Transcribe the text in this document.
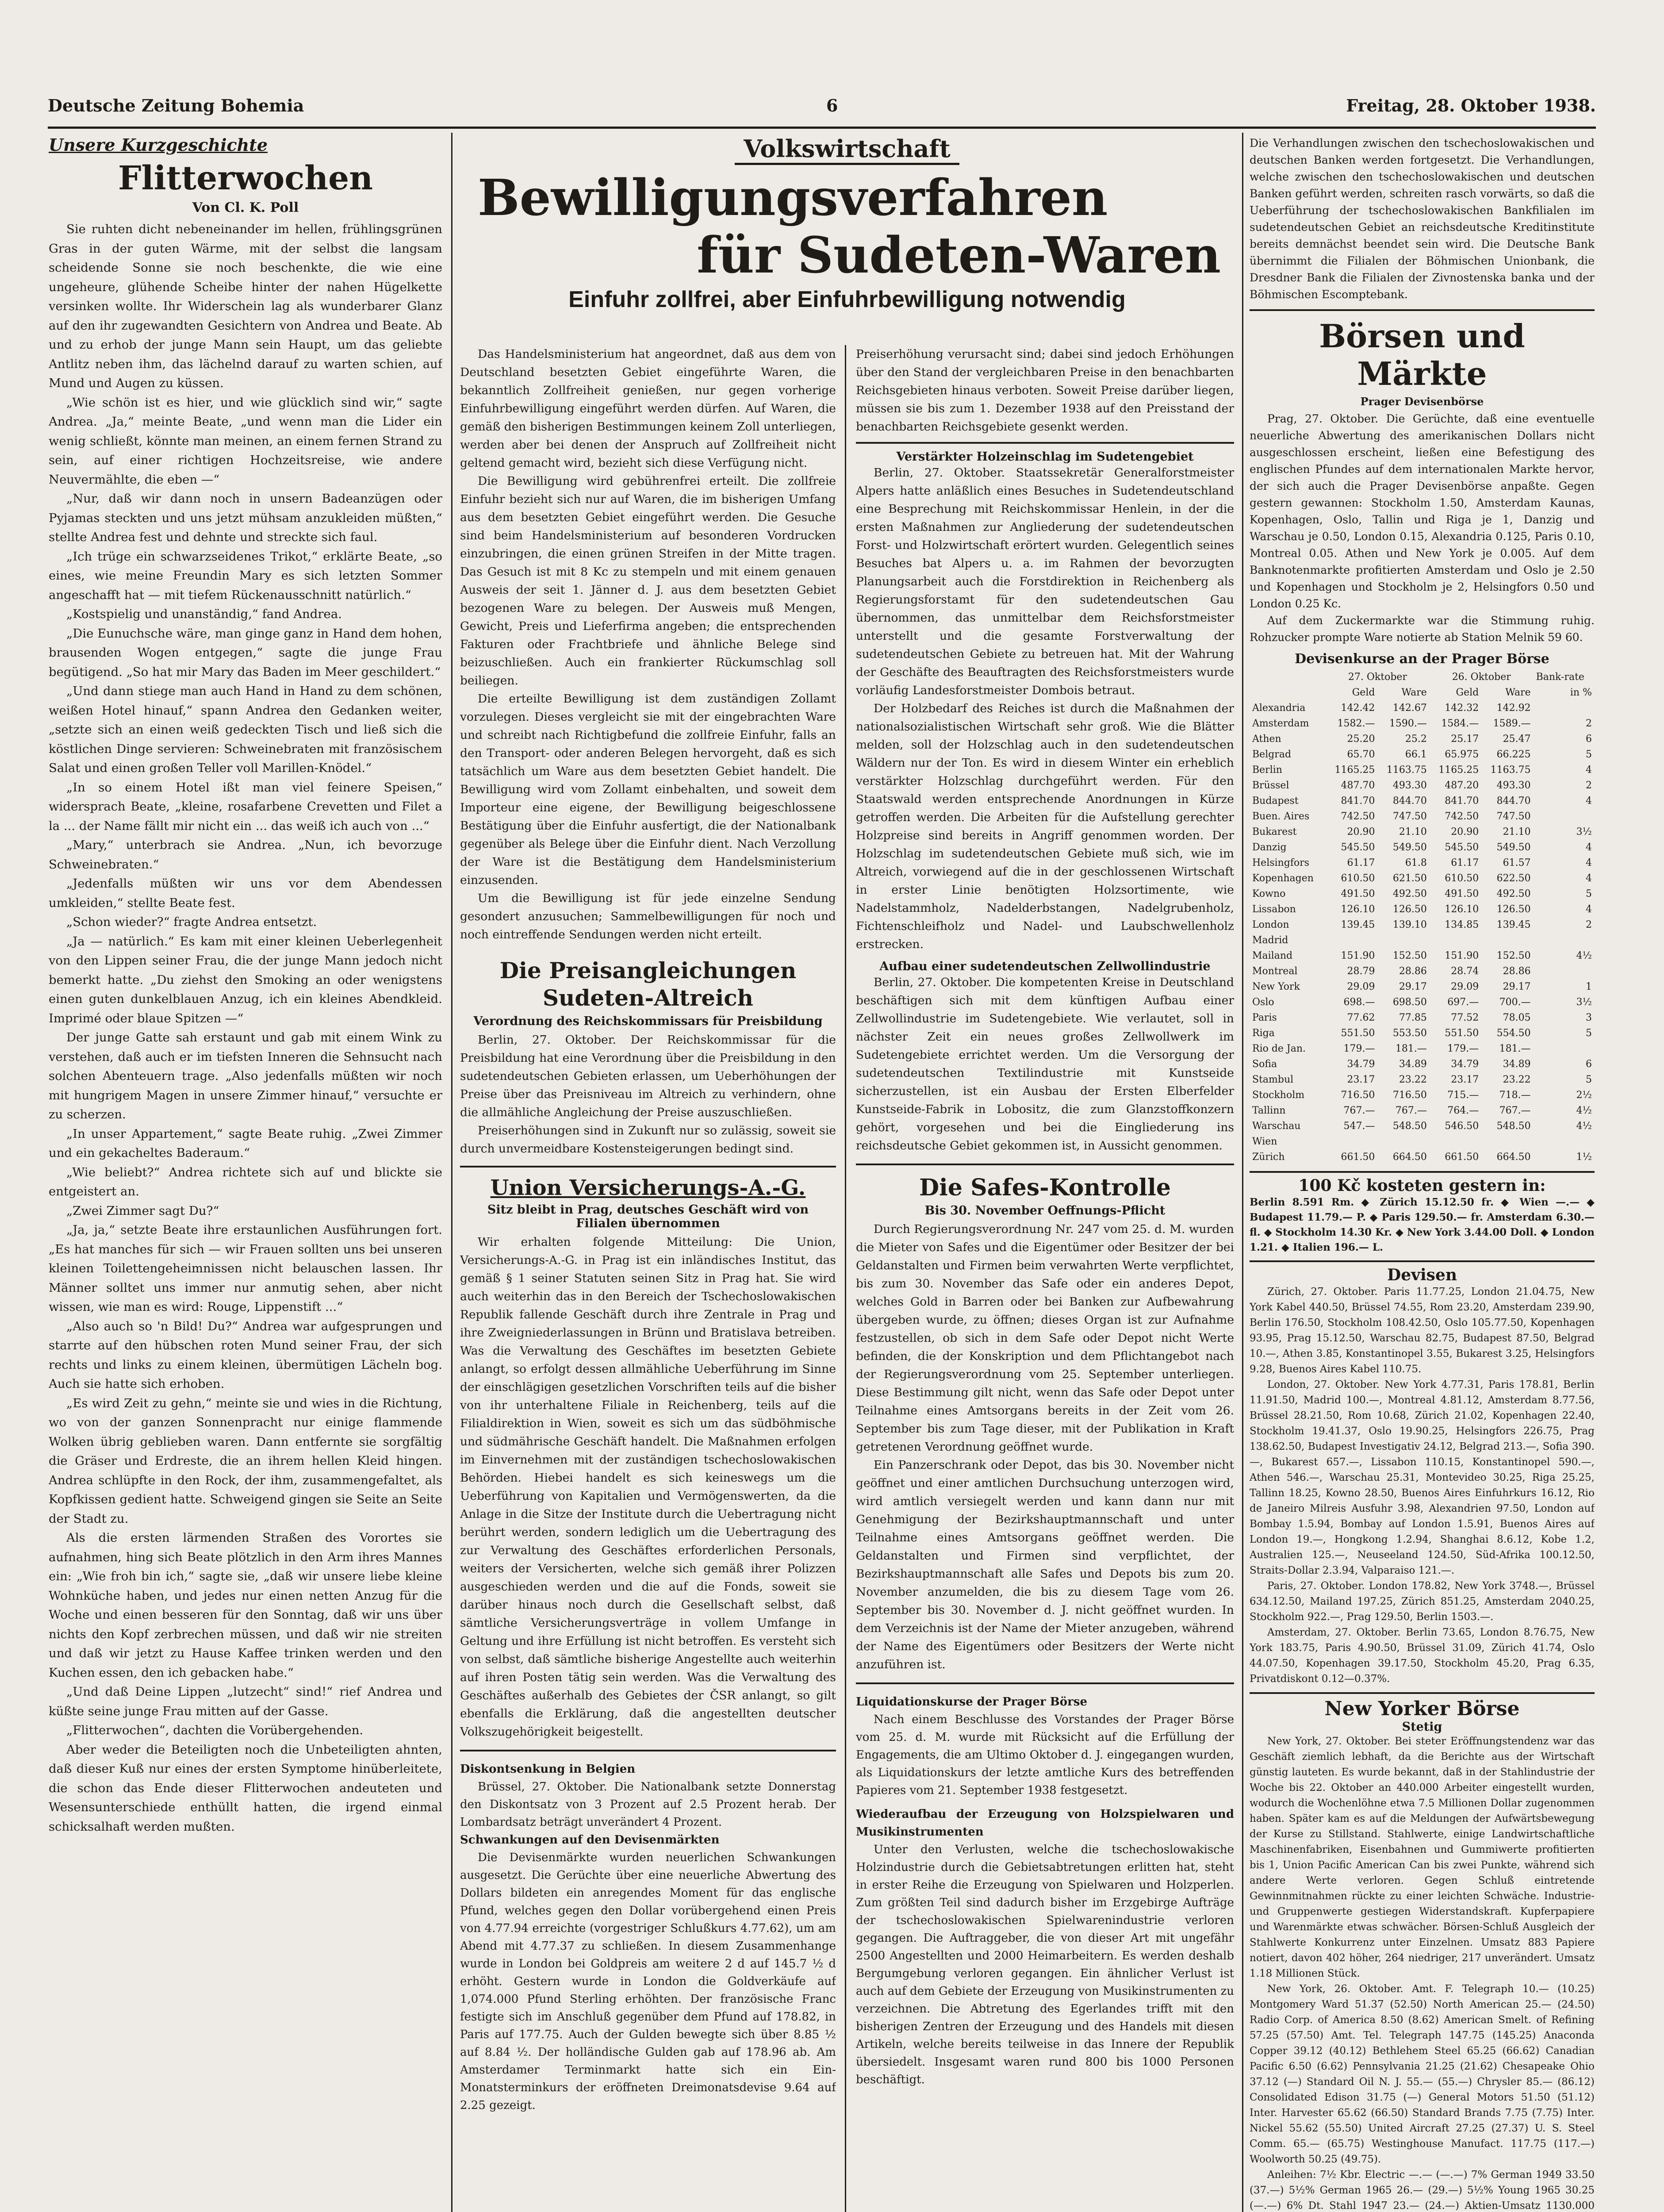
Deutsche Zeitung Bohemia	6	Freitag, 28. Oktober 1938.
Unsere Kurzgeschichte
Flitterwochen
Von Cl. K. Poll

Sie ruhten dicht nebeneinander im hellen, frühlingsgrünen Gras in der guten Wärme, mit der selbst die langsam scheidende Sonne sie noch beschenkte, die wie eine ungeheure, glühende Scheibe hinter der nahen Hügelkette versinken wollte. Ihr Widerschein lag als wunderbarer Glanz auf den ihr zugewandten Gesichtern von Andrea und Beate. Ab und zu erhob der junge Mann sein Haupt, um das geliebte Antlitz neben ihm, das lächelnd darauf zu warten schien, auf Mund und Augen zu küssen.

„Wie schön ist es hier, und wie glücklich sind wir,“ sagte Andrea. „Ja,“ meinte Beate, „und wenn man die Lider ein wenig schließt, könnte man meinen, an einem fernen Strand zu sein, auf einer richtigen Hochzeitsreise, wie andere Neuvermählte, die eben —“

„Nur, daß wir dann noch in unsern Badeanzügen oder Pyjamas steckten und uns jetzt mühsam anzukleiden müßten,“ stellte Andrea fest und dehnte und streckte sich faul.

„Ich trüge ein schwarzseidenes Trikot,“ erklärte Beate, „so eines, wie meine Freundin Mary es sich letzten Sommer angeschafft hat — mit tiefem Rückenausschnitt natürlich.“

„Kostspielig und unanständig,“ fand Andrea.

„Die Eunuchsche wäre, man ginge ganz in Hand dem hohen, brausenden Wogen entgegen,“ sagte die junge Frau begütigend. „So hat mir Mary das Baden im Meer geschildert.“

„Und dann stiege man auch Hand in Hand zu dem schönen, weißen Hotel hinauf,“ spann Andrea den Gedanken weiter, „setzte sich an einen weiß gedeckten Tisch und ließ sich die köstlichen Dinge servieren: Schweinebraten mit französischem Salat und einen großen Teller voll Marillen-Knödel.“

„In so einem Hotel ißt man viel feinere Speisen,“ widersprach Beate, „kleine, rosafarbene Crevetten und Filet a la ... der Name fällt mir nicht ein ... das weiß ich auch von ...“

„Mary,“ unterbrach sie Andrea. „Nun, ich bevorzuge Schweinebraten.“

„Jedenfalls müßten wir uns vor dem Abendessen umkleiden,“ stellte Beate fest.

„Schon wieder?“ fragte Andrea entsetzt.

„Ja — natürlich.“ Es kam mit einer kleinen Ueberlegenheit von den Lippen seiner Frau, die der junge Mann jedoch nicht bemerkt hatte. „Du ziehst den Smoking an oder wenigstens einen guten dunkelblauen Anzug, ich ein kleines Abendkleid. Imprimé oder blaue Spitzen —“

Der junge Gatte sah erstaunt und gab mit einem Wink zu verstehen, daß auch er im tiefsten Inneren die Sehnsucht nach solchen Abenteuern trage. „Also jedenfalls müßten wir noch mit hungrigem Magen in unsere Zimmer hinauf,“ versuchte er zu scherzen.

„In unser Appartement,“ sagte Beate ruhig. „Zwei Zimmer und ein gekacheltes Baderaum.“

„Wie beliebt?“ Andrea richtete sich auf und blickte sie entgeistert an.

„Zwei Zimmer sagt Du?“

„Ja, ja,“ setzte Beate ihre erstaunlichen Ausführungen fort. „Es hat manches für sich — wir Frauen sollten uns bei unseren kleinen Toilettengeheimnissen nicht belauschen lassen. Ihr Männer solltet uns immer nur anmutig sehen, aber nicht wissen, wie man es wird: Rouge, Lippenstift ...“

„Also auch so 'n Bild! Du?“ Andrea war aufgesprungen und starrte auf den hübschen roten Mund seiner Frau, der sich rechts und links zu einem kleinen, übermütigen Lächeln bog. Auch sie hatte sich erhoben.

„Es wird Zeit zu gehn,“ meinte sie und wies in die Richtung, wo von der ganzen Sonnenpracht nur einige flammende Wolken übrig geblieben waren. Dann entfernte sie sorgfältig die Gräser und Erdreste, die an ihrem hellen Kleid hingen. Andrea schlüpfte in den Rock, der ihm, zusammengefaltet, als Kopfkissen gedient hatte. Schweigend gingen sie Seite an Seite der Stadt zu.

Als die ersten lärmenden Straßen des Vorortes sie aufnahmen, hing sich Beate plötzlich in den Arm ihres Mannes ein: „Wie froh bin ich,“ sagte sie, „daß wir unsere liebe kleine Wohnküche haben, und jedes nur einen netten Anzug für die Woche und einen besseren für den Sonntag, daß wir uns über nichts den Kopf zerbrechen müssen, und daß wir nie streiten und daß wir jetzt zu Hause Kaffee trinken werden und den Kuchen essen, den ich gebacken habe.“

„Und daß Deine Lippen „lutzecht“ sind!“ rief Andrea und küßte seine junge Frau mitten auf der Gasse.

„Flitterwochen“, dachten die Vorübergehenden.

Aber weder die Beteiligten noch die Unbeteiligten ahnten, daß dieser Kuß nur eines der ersten Symptome hinüberleitete, die schon das Ende dieser Flitterwochen andeuteten und Wesensunterschiede enthüllt hatten, die irgend einmal schicksalhaft werden mußten.

Volkswirtschaft
Bewilligungsverfahren
für Sudeten-Waren
Einfuhr zollfrei, aber Einfuhrbewilligung notwendig

Das Handelsministerium hat angeordnet, daß aus dem von Deutschland besetzten Gebiet eingeführte Waren, die bekanntlich Zollfreiheit genießen, nur gegen vorherige Einfuhrbewilligung eingeführt werden dürfen. Auf Waren, die gemäß den bisherigen Bestimmungen keinem Zoll unterliegen, werden aber bei denen der Anspruch auf Zollfreiheit nicht geltend gemacht wird, bezieht sich diese Verfügung nicht.

Die Bewilligung wird gebührenfrei erteilt. Die zollfreie Einfuhr bezieht sich nur auf Waren, die im bisherigen Umfang aus dem besetzten Gebiet eingeführt werden. Die Gesuche sind beim Handelsministerium auf besonderen Vordrucken einzubringen, die einen grünen Streifen in der Mitte tragen. Das Gesuch ist mit 8 Kc zu stempeln und mit einem genauen Ausweis der seit 1. Jänner d. J. aus dem besetzten Gebiet bezogenen Ware zu belegen. Der Ausweis muß Mengen, Gewicht, Preis und Lieferfirma angeben; die entsprechenden Fakturen oder Frachtbriefe und ähnliche Belege sind beizuschließen. Auch ein frankierter Rückumschlag soll beiliegen.

Die erteilte Bewilligung ist dem zuständigen Zollamt vorzulegen. Dieses vergleicht sie mit der eingebrachten Ware und schreibt nach Richtigbefund die zollfreie Einfuhr, falls an den Transport- oder anderen Belegen hervorgeht, daß es sich tatsächlich um Ware aus dem besetzten Gebiet handelt. Die Bewilligung wird vom Zollamt einbehalten, und soweit dem Importeur eine eigene, der Bewilligung beigeschlossene Bestätigung über die Einfuhr ausfertigt, die der Nationalbank gegenüber als Belege über die Einfuhr dient. Nach Verzollung der Ware ist die Bestätigung dem Handelsministerium einzusenden.

Um die Bewilligung ist für jede einzelne Sendung gesondert anzusuchen; Sammelbewilligungen für noch und noch eintreffende Sendungen werden nicht erteilt.

Die Preisangleichungen Sudeten-Altreich
Verordnung des Reichskommissars für Preisbildung

Berlin, 27. Oktober. Der Reichskommissar für die Preisbildung hat eine Verordnung über die Preisbildung in den sudetendeutschen Gebieten erlassen, um Ueberhöhungen der Preise über das Preisniveau im Altreich zu verhindern, ohne die allmähliche Angleichung der Preise auszuschließen.

Preiserhöhungen sind in Zukunft nur so zulässig, soweit sie durch unvermeidbare Kostensteigerungen bedingt sind.

Union Versicherungs-A.-G.
Sitz bleibt in Prag, deutsches Geschäft wird von Filialen übernommen

Wir erhalten folgende Mitteilung: Die Union, Versicherungs-A.-G. in Prag ist ein inländisches Institut, das gemäß § 1 seiner Statuten seinen Sitz in Prag hat. Sie wird auch weiterhin das in den Bereich der Tschechoslowakischen Republik fallende Geschäft durch ihre Zentrale in Prag und ihre Zweigniederlassungen in Brünn und Bratislava betreiben. Was die Verwaltung des Geschäftes im besetzten Gebiete anlangt, so erfolgt dessen allmähliche Ueberführung im Sinne der einschlägigen gesetzlichen Vorschriften teils auf die bisher von ihr unterhaltene Filiale in Reichenberg, teils auf die Filialdirektion in Wien, soweit es sich um das südböhmische und südmährische Geschäft handelt. Die Maßnahmen erfolgen im Einvernehmen mit der zuständigen tschechoslowakischen Behörden. Hiebei handelt es sich keineswegs um die Ueberführung von Kapitalien und Vermögenswerten, da die Anlage in die Sitze der Institute durch die Uebertragung nicht berührt werden, sondern lediglich um die Uebertragung des zur Verwaltung des Geschäftes erforderlichen Personals, weiters der Versicherten, welche sich gemäß ihrer Polizzen ausgeschieden werden und die auf die Fonds, soweit sie darüber hinaus noch durch die Gesellschaft selbst, daß sämtliche Versicherungsverträge in vollem Umfange in Geltung und ihre Erfüllung ist nicht betroffen. Es versteht sich von selbst, daß sämtliche bisherige Angestellte auch weiterhin auf ihren Posten tätig sein werden. Was die Verwaltung des Geschäftes außerhalb des Gebietes der ČSR anlangt, so gilt ebenfalls die Erklärung, daß die angestellten deutscher Volkszugehörigkeit beigestellt.

Diskontsenkung in Belgien

Brüssel, 27. Oktober. Die Nationalbank setzte Donnerstag den Diskontsatz von 3 Prozent auf 2.5 Prozent herab. Der Lombardsatz beträgt unverändert 4 Prozent.

Schwankungen auf den Devisenmärkten

Die Devisenmärkte wurden neuerlichen Schwankungen ausgesetzt. Die Gerüchte über eine neuerliche Abwertung des Dollars bildeten ein anregendes Moment für das englische Pfund, welches gegen den Dollar vorübergehend einen Preis von 4.77.94 erreichte (vorgestriger Schlußkurs 4.77.62), um am Abend mit 4.77.37 zu schließen. In diesem Zusammenhange wurde in London bei Goldpreis am weitere 2 d auf 145.7 ½ d erhöht. Gestern wurde in London die Goldverkäufe auf 1,074.000 Pfund Sterling erhöhten. Der französische Franc festigte sich im Anschluß gegenüber dem Pfund auf 178.82, in Paris auf 177.75. Auch der Gulden bewegte sich über 8.85 ½ auf 8.84 ½. Der holländische Gulden gab auf 178.96 ab. Am Amsterdamer Terminmarkt hatte sich ein Ein-Monatsterminkurs der eröffneten Dreimonatsdevise 9.64 auf 2.25 gezeigt.

Preiserhöhung verursacht sind; dabei sind jedoch Erhöhungen über den Stand der vergleichbaren Preise in den benachbarten Reichsgebieten hinaus verboten. Soweit Preise darüber liegen, müssen sie bis zum 1. Dezember 1938 auf den Preisstand der benachbarten Reichsgebiete gesenkt werden.

Verstärkter Holzeinschlag im Sudetengebiet

Berlin, 27. Oktober. Staatssekretär Generalforstmeister Alpers hatte anläßlich eines Besuches in Sudetendeutschland eine Besprechung mit Reichskommissar Henlein, in der die ersten Maßnahmen zur Angliederung der sudetendeutschen Forst- und Holzwirtschaft erörtert wurden. Gelegentlich seines Besuches bat Alpers u. a. im Rahmen der bevorzugten Planungsarbeit auch die Forstdirektion in Reichenberg als Regierungsforstamt für den sudetendeutschen Gau übernommen, das unmittelbar dem Reichsforstmeister unterstellt und die gesamte Forstverwaltung der sudetendeutschen Gebiete zu betreuen hat. Mit der Wahrung der Geschäfte des Beauftragten des Reichsforstmeisters wurde vorläufig Landesforstmeister Dombois betraut.

Der Holzbedarf des Reiches ist durch die Maßnahmen der nationalsozialistischen Wirtschaft sehr groß. Wie die Blätter melden, soll der Holzschlag auch in den sudetendeutschen Wäldern nur der Ton. Es wird in diesem Winter ein erheblich verstärkter Holzschlag durchgeführt werden. Für den Staatswald werden entsprechende Anordnungen in Kürze getroffen werden. Die Arbeiten für die Aufstellung gerechter Holzpreise sind bereits in Angriff genommen worden. Der Holzschlag im sudetendeutschen Gebiete muß sich, wie im Altreich, vorwiegend auf die in der geschlossenen Wirtschaft in erster Linie benötigten Holzsortimente, wie Nadelstammholz, Nadelderbstangen, Nadelgrubenholz, Fichtenschleifholz und Nadel- und Laubschwellenholz erstrecken.

Aufbau einer sudetendeutschen Zellwollindustrie

Berlin, 27. Oktober. Die kompetenten Kreise in Deutschland beschäftigen sich mit dem künftigen Aufbau einer Zellwollindustrie im Sudetengebiete. Wie verlautet, soll in nächster Zeit ein neues großes Zellwollwerk im Sudetengebiete errichtet werden. Um die Versorgung der sudetendeutschen Textilindustrie mit Kunstseide sicherzustellen, ist ein Ausbau der Ersten Elberfelder Kunstseide-Fabrik in Lobositz, die zum Glanzstoffkonzern gehört, vorgesehen und bei die Eingliederung ins reichsdeutsche Gebiet gekommen ist, in Aussicht genommen.

Die Safes-Kontrolle
Bis 30. November Oeffnungs-Pflicht

Durch Regierungsverordnung Nr. 247 vom 25. d. M. wurden die Mieter von Safes und die Eigentümer oder Besitzer der bei Geldanstalten und Firmen beim verwahrten Werte verpflichtet, bis zum 30. November das Safe oder ein anderes Depot, welches Gold in Barren oder bei Banken zur Aufbewahrung übergeben wurde, zu öffnen; dieses Organ ist zur Aufnahme festzustellen, ob sich in dem Safe oder Depot nicht Werte befinden, die der Konskription und dem Pflichtangebot nach der Regierungsverordnung vom 25. September unterliegen. Diese Bestimmung gilt nicht, wenn das Safe oder Depot unter Teilnahme eines Amtsorgans bereits in der Zeit vom 26. September bis zum Tage dieser, mit der Publikation in Kraft getretenen Verordnung geöffnet wurde.

Ein Panzerschrank oder Depot, das bis 30. November nicht geöffnet und einer amtlichen Durchsuchung unterzogen wird, wird amtlich versiegelt werden und kann dann nur mit Genehmigung der Bezirkshauptmannschaft und unter Teilnahme eines Amtsorgans geöffnet werden. Die Geldanstalten und Firmen sind verpflichtet, der Bezirkshauptmannschaft alle Safes und Depots bis zum 20. November anzumelden, die bis zu diesem Tage vom 26. September bis 30. November d. J. nicht geöffnet wurden. In dem Verzeichnis ist der Name der Mieter anzugeben, während der Name des Eigentümers oder Besitzers der Werte nicht anzuführen ist.

Liquidationskurse der Prager Börse

Nach einem Beschlusse des Vorstandes der Prager Börse vom 25. d. M. wurde mit Rücksicht auf die Erfüllung der Engagements, die am Ultimo Oktober d. J. eingegangen wurden, als Liquidationskurs der letzte amtliche Kurs des betreffenden Papieres vom 21. September 1938 festgesetzt.

Wiederaufbau der Erzeugung von Holzspielwaren und Musikinstrumenten

Unter den Verlusten, welche die tschechoslowakische Holzindustrie durch die Gebietsabtretungen erlitten hat, steht in erster Reihe die Erzeugung von Spielwaren und Holzperlen. Zum größten Teil sind dadurch bisher im Erzgebirge Aufträge der tschechoslowakischen Spielwarenindustrie verloren gegangen. Die Auftraggeber, die von dieser Art mit ungefähr 2500 Angestellten und 2000 Heimarbeitern. Es werden deshalb Bergumgebung verloren gegangen. Ein ähnlicher Verlust ist auch auf dem Gebiete der Erzeugung von Musikinstrumenten zu verzeichnen. Die Abtretung des Egerlandes trifft mit den bisherigen Zentren der Erzeugung und des Handels mit diesen Artikeln, welche bereits teilweise in das Innere der Republik übersiedelt. Insgesamt waren rund 800 bis 1000 Personen beschäftigt.

Die Verhandlungen zwischen den tschechoslowakischen und deutschen Banken werden fortgesetzt. Die Verhandlungen, welche zwischen den tschechoslowakischen und deutschen Banken geführt werden, schreiten rasch vorwärts, so daß die Ueberführung der tschechoslowakischen Bankfilialen im sudetendeutschen Gebiet an reichsdeutsche Kreditinstitute bereits demnächst beendet sein wird. Die Deutsche Bank übernimmt die Filialen der Böhmischen Unionbank, die Dresdner Bank die Filialen der Zivnostenska banka und der Böhmischen Escomptebank.

Börsen und Märkte
Prager Devisenbörse

Prag, 27. Oktober. Die Gerüchte, daß eine eventuelle neuerliche Abwertung des amerikanischen Dollars nicht ausgeschlossen erscheint, ließen eine Befestigung des englischen Pfundes auf dem internationalen Markte hervor, der sich auch die Prager Devisenbörse anpaßte. Gegen gestern gewannen: Stockholm 1.50, Amsterdam Kaunas, Kopenhagen, Oslo, Tallin und Riga je 1, Danzig und Warschau je 0.50, London 0.15, Alexandria 0.125, Paris 0.10, Montreal 0.05. Athen und New York je 0.005. Auf dem Banknotenmarkte profitierten Amsterdam und Oslo je 2.50 und Kopenhagen und Stockholm je 2, Helsingfors 0.50 und London 0.25 Kc.

Auf dem Zuckermarkte war die Stimmung ruhig. Rohzucker prompte Ware notierte ab Station Melnik 59 60.

Devisenkurse an der Prager Börse
	27. Oktober		26. Oktober		Bank-rate
	Geld	Ware	Geld	Ware	in %
Alexandria	142.42	142.67	142.32	142.92	
Amsterdam	1582.—	1590.—	1584.—	1589.—	2
Athen	25.20	25.2	25.17	25.47	6
Belgrad	65.70	66.1	65.975	66.225	5
Berlin	1165.25	1163.75	1165.25	1163.75	4
Brüssel	487.70	493.30	487.20	493.30	2
Budapest	841.70	844.70	841.70	844.70	4
Buen. Aires	742.50	747.50	742.50	747.50	
Bukarest	20.90	21.10	20.90	21.10	3½
Danzig	545.50	549.50	545.50	549.50	4
Helsingfors	61.17	61.8	61.17	61.57	4
Kopenhagen	610.50	621.50	610.50	622.50	4
Kowno	491.50	492.50	491.50	492.50	5
Lissabon	126.10	126.50	126.10	126.50	4
London	139.45	139.10	134.85	139.45	2
Madrid					
Mailand	151.90	152.50	151.90	152.50	4½
Montreal	28.79	28.86	28.74	28.86	
New York	29.09	29.17	29.09	29.17	1
Oslo	698.—	698.50	697.—	700.—	3½
Paris	77.62	77.85	77.52	78.05	3
Riga	551.50	553.50	551.50	554.50	5
Rio de Jan.	179.—	181.—	179.—	181.—	
Sofia	34.79	34.89	34.79	34.89	6
Stambul	23.17	23.22	23.17	23.22	5
Stockholm	716.50	716.50	715.—	718.—	2½
Tallinn	767.—	767.—	764.—	767.—	4½
Warschau	547.—	548.50	546.50	548.50	4½
Wien					
Zürich	661.50	664.50	661.50	664.50	1½
100 Kč kosteten gestern in:

Berlin 8.591 Rm. ◆ Zürich 15.12.50 fr. ◆ Wien —.— ◆ Budapest 11.79.— P. ◆ Paris 129.50.— fr. Amsterdam 6.30.— fl. ◆ Stockholm 14.30 Kr. ◆ New York 3.44.00 Doll. ◆ London 1.21. ◆ Italien 196.— L.

Devisen

Zürich, 27. Oktober. Paris 11.77.25, London 21.04.75, New York Kabel 440.50, Brüssel 74.55, Rom 23.20, Amsterdam 239.90, Berlin 176.50, Stockholm 108.42.50, Oslo 105.77.50, Kopenhagen 93.95, Prag 15.12.50, Warschau 82.75, Budapest 87.50, Belgrad 10.—, Athen 3.85, Konstantinopel 3.55, Bukarest 3.25, Helsingfors 9.28, Buenos Aires Kabel 110.75.

London, 27. Oktober. New York 4.77.31, Paris 178.81, Berlin 11.91.50, Madrid 100.—, Montreal 4.81.12, Amsterdam 8.77.56, Brüssel 28.21.50, Rom 10.68, Zürich 21.02, Kopenhagen 22.40, Stockholm 19.41.37, Oslo 19.90.25, Helsingfors 226.75, Prag 138.62.50, Budapest Investigativ 24.12, Belgrad 213.—, Sofia 390.—, Bukarest 657.—, Lissabon 110.15, Konstantinopel 590.—, Athen 546.—, Warschau 25.31, Montevideo 30.25, Riga 25.25, Tallinn 18.25, Kowno 28.50, Buenos Aires Einfuhrkurs 16.12, Rio de Janeiro Milreis Ausfuhr 3.98, Alexandrien 97.50, London auf Bombay 1.5.94, Bombay auf London 1.5.91, Buenos Aires auf London 19.—, Hongkong 1.2.94, Shanghai 8.6.12, Kobe 1.2, Australien 125.—, Neuseeland 124.50, Süd-Afrika 100.12.50, Straits-Dollar 2.3.94, Valparaiso 121.—.

Paris, 27. Oktober. London 178.82, New York 3748.—, Brüssel 634.12.50, Mailand 197.25, Zürich 851.25, Amsterdam 2040.25, Stockholm 922.—, Prag 129.50, Berlin 1503.—.

Amsterdam, 27. Oktober. Berlin 73.65, London 8.76.75, New York 183.75, Paris 4.90.50, Brüssel 31.09, Zürich 41.74, Oslo 44.07.50, Kopenhagen 39.17.50, Stockholm 45.20, Prag 6.35, Privatdiskont 0.12—0.37%.

New Yorker Börse
Stetig

New York, 27. Oktober. Bei steter Eröffnungstendenz war das Geschäft ziemlich lebhaft, da die Berichte aus der Wirtschaft günstig lauteten. Es wurde bekannt, daß in der Stahlindustrie der Woche bis 22. Oktober an 440.000 Arbeiter eingestellt wurden, wodurch die Wochenlöhne etwa 7.5 Millionen Dollar zugenommen haben. Später kam es auf die Meldungen der Aufwärtsbewegung der Kurse zu Stillstand. Stahlwerte, einige Landwirtschaftliche Maschinenfabriken, Eisenbahnen und Gummiwerte profitierten bis 1, Union Pacific American Can bis zwei Punkte, während sich andere Werte verloren. Gegen Schluß eintretende Gewinnmitnahmen rückte zu einer leichten Schwäche. Industrie- und Gruppenwerte gestiegen Widerstandskraft. Kupferpapiere und Warenmärkte etwas schwächer. Börsen-Schluß Ausgleich der Stahlwerte Konkurrenz unter Einzelnen. Umsatz 883 Papiere notiert, davon 402 höher, 264 niedriger, 217 unverändert. Umsatz 1.18 Millionen Stück.

New York, 26. Oktober. Amt. F. Telegraph 10.— (10.25) Montgomery Ward 51.37 (52.50) North American 25.— (24.50) Radio Corp. of America 8.50 (8.62) American Smelt. of Refining 57.25 (57.50) Amt. Tel. Telegraph 147.75 (145.25) Anaconda Copper 39.12 (40.12) Bethlehem Steel 65.25 (66.62) Canadian Pacific 6.50 (6.62) Pennsylvania 21.25 (21.62) Chesapeake Ohio 37.12 (—) Standard Oil N. J. 55.— (55.—) Chrysler 85.— (86.12) Consolidated Edison 31.75 (—) General Motors 51.50 (51.12) Inter. Harvester 65.62 (66.50) Standard Brands 7.75 (7.75) Inter. Nickel 55.62 (55.50) United Aircraft 27.25 (27.37) U. S. Steel Comm. 65.— (65.75) Westinghouse Manufact. 117.75 (117.—) Woolworth 50.25 (49.75).

Anleihen: 7½ Kbr. Electric —.— (—.—) 7% German 1949 33.50 (37.—) 5½% German 1965 26.— (29.—) 5½% Young 1965 30.25 (—.—) 6% Dt. Stahl 1947 23.— (24.—) Aktien-Umsatz 1130.000
